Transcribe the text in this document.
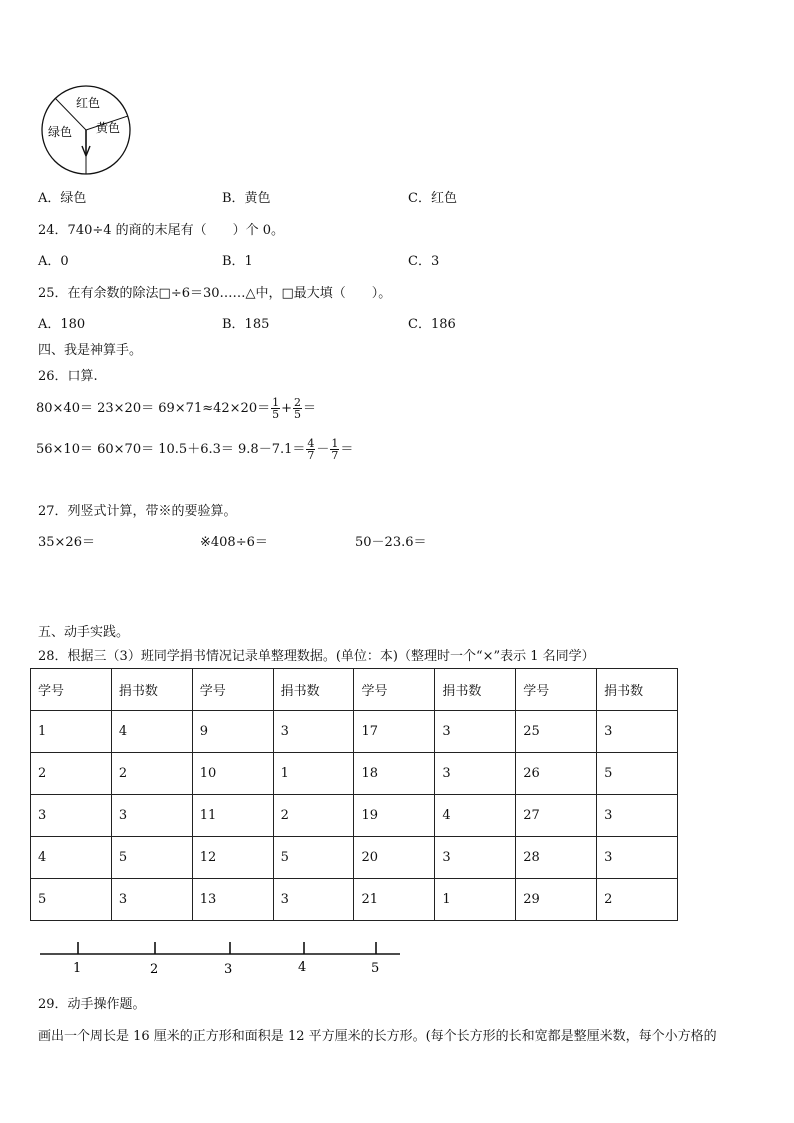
红色
绿色 黄色
A．绿色	B．黄色	C．红色
24．740÷4 的商的末尾有（　　）个 0。
A．0	B．1	C．3
25．在有余数的除法□÷6＝30……△中，□最大填（　　）。
A．180	B．185	C．186
四、我是神算手。
26．口算.
$80\times 40= 23\times 20= 69\times 71\approx 42\times 20= \frac{1}{5} + \frac{2}{5}$ ＝
$56\times 10= 60\times 70= 10.5+6.3= 9.8-7.1= \frac{4}{7} - \frac{1}{7}$ ＝
27．列竖式计算，带※的要验算。
35×26＝	※408÷6＝	50－23.6＝
五、动手实践。
28．根据三（3）班同学捐书情况记录单整理数据。(单位：本)（整理时一个“×”表示 1 名同学）
学号	捐书数	学号	捐书数	学号	捐书数	学号	捐书数
1	4	9	3	17	3	25	3
2	2	10	1	18	3	26	5
3	3	11	2	19	4	27	3
4	5	12	5	20	3	28	3
5	3	13	3	21	1	29	2
1	2	3	4	5
29．动手操作题。
画出一个周长是 16 厘米的正方形和面积是 12 平方厘米的长方形。(每个长方形的长和宽都是整厘米数，每个小方格的
